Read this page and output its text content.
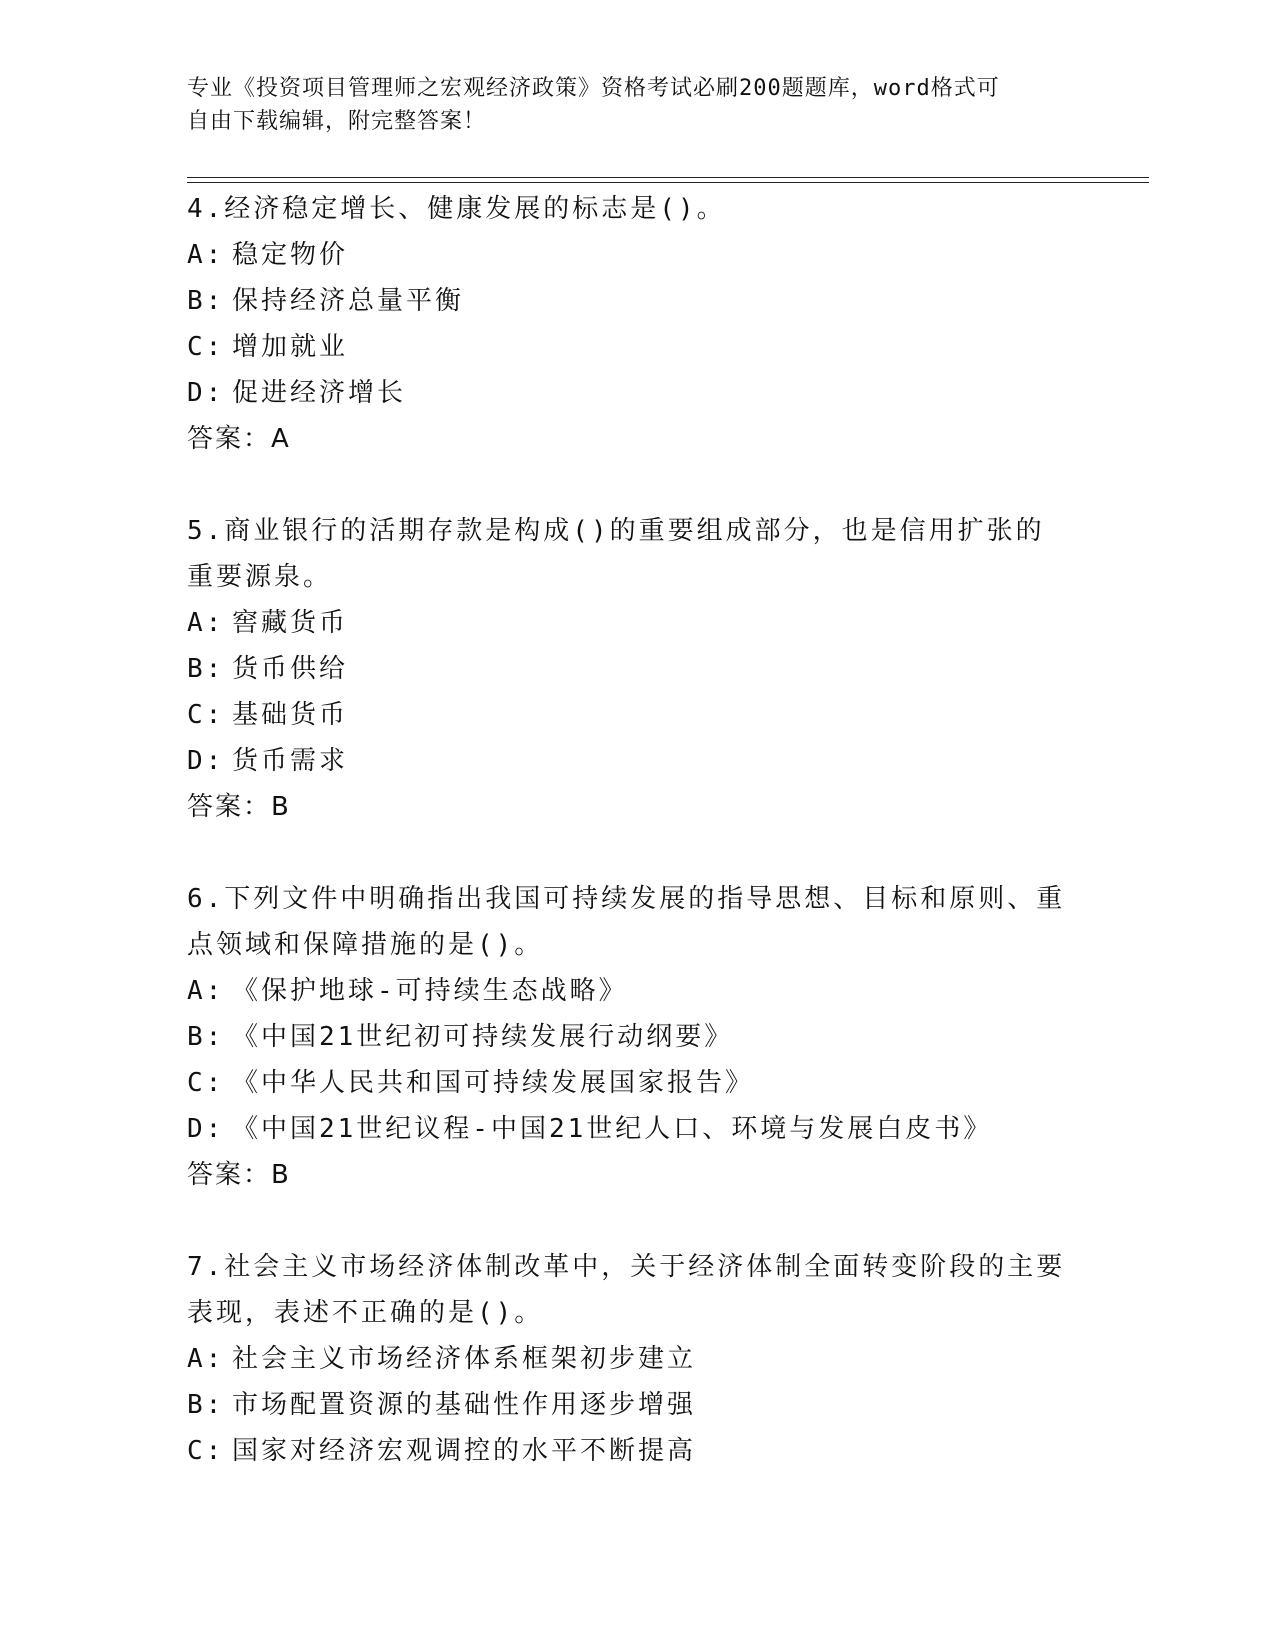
专业《投资项目管理师之宏观经济政策》资格考试必刷200题题库，word格式可
自由下载编辑，附完整答案！
4.经济稳定增长、健康发展的标志是()。
A: 稳定物价
B: 保持经济总量平衡
C: 增加就业
D: 促进经济增长
答案：A
5.商业银行的活期存款是构成()的重要组成部分，也是信用扩张的重要源泉。
A: 窖藏货币
B: 货币供给
C: 基础货币
D: 货币需求
答案：B
6.下列文件中明确指出我国可持续发展的指导思想、目标和原则、重点领域和保障措施的是()。
A: 《保护地球-可持续生态战略》
B: 《中国21世纪初可持续发展行动纲要》
C: 《中华人民共和国可持续发展国家报告》
D: 《中国21世纪议程-中国21世纪人口、环境与发展白皮书》
答案：B
7.社会主义市场经济体制改革中，关于经济体制全面转变阶段的主要表现，表述不正确的是()。
A: 社会主义市场经济体系框架初步建立
B: 市场配置资源的基础性作用逐步增强
C: 国家对经济宏观调控的水平不断提高
